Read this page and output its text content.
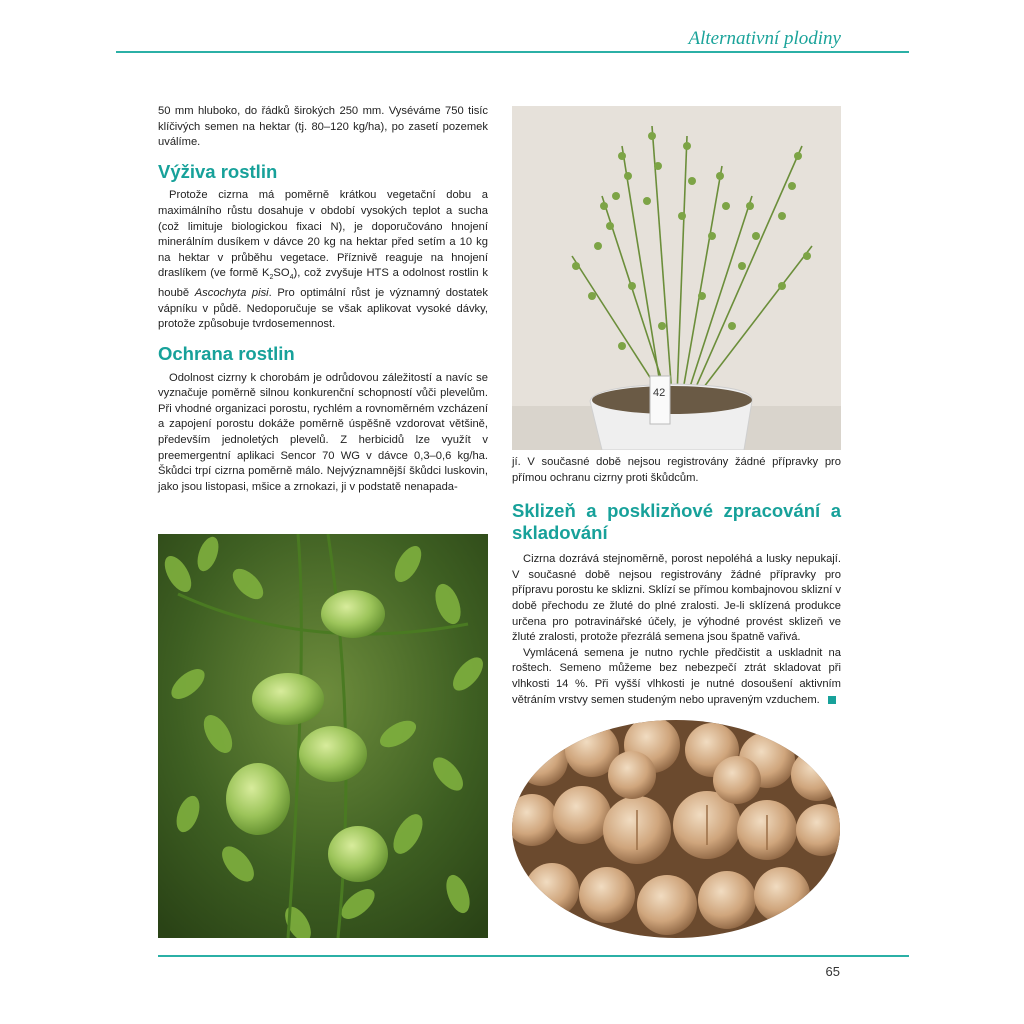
Alternativní plodiny

50 mm hluboko, do řádků širokých 250 mm. Vyséváme 750 tisíc klíčivých semen na hektar (tj. 80–120 kg/ha), po zasetí pozemek uválíme.

Výživa rostlin

Protože cizrna má poměrně krátkou vegetační dobu a maximálního růstu dosahuje v období vysokých teplot a sucha (což limituje biologickou fixaci N), je doporučováno hnojení minerálním dusíkem v dávce 20 kg na hektar před setím a 10 kg na hektar v průběhu vegetace. Příznivě reaguje na hnojení draslíkem (ve formě $K_2SO_4$), což zvyšuje HTS a odolnost rostlin k houbě Ascochyta pisi. Pro optimální růst je významný dostatek vápníku v půdě. Nedoporučuje se však aplikovat vysoké dávky, protože způsobuje tvrdosemennost.

Ochrana rostlin

Odolnost cizrny k chorobám je odrůdovou záležitostí a navíc se vyznačuje poměrně silnou konkurenční schopností vůči plevelům. Při vhodné organizaci porostu, rychlém a rovnoměrném vzcházení a zapojení porostu dokáže poměrně úspěšně vzdorovat většině, především jednoletých plevelů. Z herbicidů lze využít v preemergentní aplikaci Sencor 70 WG v dávce 0,3–0,6 kg/ha. Škůdci trpí cizrna poměrně málo. Nejvýznamnější škůdci luskovin, jako jsou listopasi, mšice a zrnokazi, ji v podstatě nenapada-

42

jí. V současné době nejsou registrovány žádné přípravky pro přímou ochranu cizrny proti škůdcům.

Sklizeň a posklizňové zpracování a skladování

Cizrna dozrává stejnoměrně, porost nepoléhá a lusky nepukají. V současné době nejsou registrovány žádné přípravky pro přípravu porostu ke sklizni. Sklízí se přímou kombajnovou sklizní v době přechodu ze žluté do plné zralosti. Je-li sklízená produkce určena pro potravinářské účely, je výhodné provést sklizeň ve žluté zralosti, protože přezrálá semena jsou špatně vařivá.

Vymlácená semena je nutno rychle předčistit a uskladnit na roštech. Semeno můžeme bez nebezpečí ztrát skladovat při vlhkosti 14 %. Při vyšší vlhkosti je nutné dosoušení aktivním větráním vrstvy semen studeným nebo upraveným vzduchem.

65
